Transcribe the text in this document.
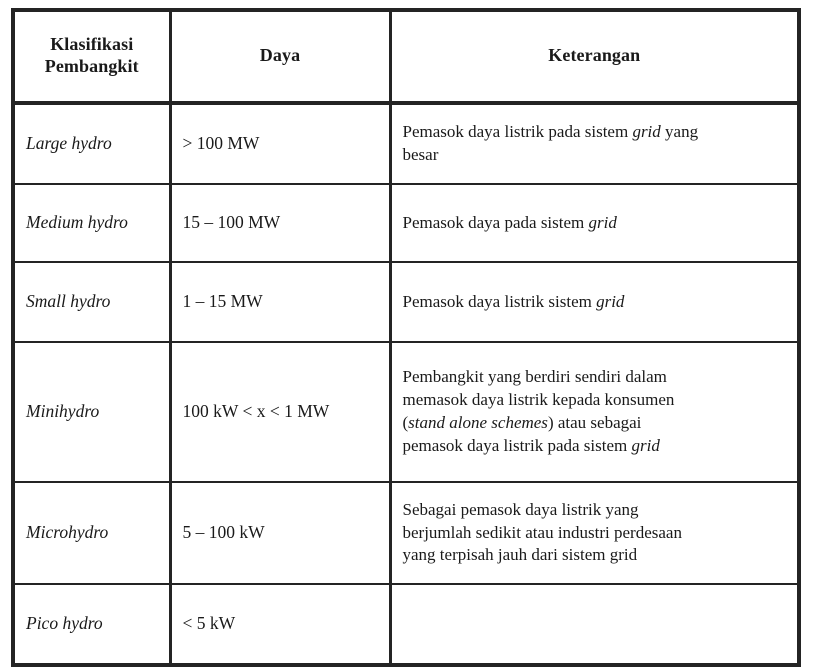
Klasifikasi
Pembangkit	Daya	Keterangan
Large hydro	> 100 MW	Pemasok daya listrik pada sistem grid yang
besar

Medium hydro	15 – 100 MW	Pemasok daya pada sistem grid

Small hydro	1 – 15 MW	Pemasok daya listrik sistem grid

Minihydro	100 kW < x < 1 MW	Pembangkit yang berdiri sendiri dalam
memasok daya listrik kepada konsumen
(stand alone schemes) atau sebagai
pemasok daya listrik pada sistem grid

Microhydro	5 – 100 kW	Sebagai pemasok daya listrik yang
berjumlah sedikit atau industri perdesaan
yang terpisah jauh dari sistem grid

Pico hydro	< 5 kW	
